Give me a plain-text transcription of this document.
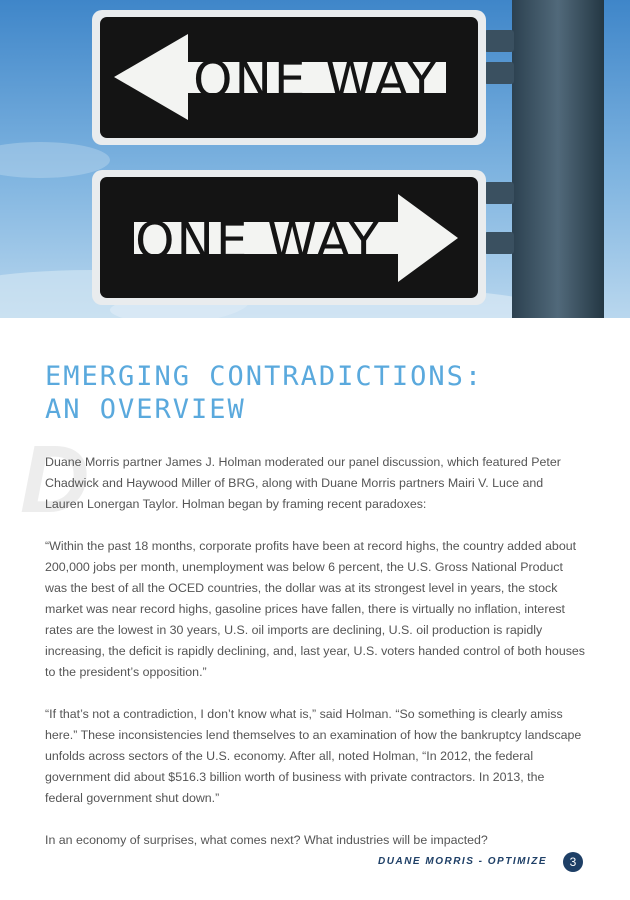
ONE WAY
ONE WAY
D
EMERGING CONTRADICTIONS:
AN OVERVIEW

Duane Morris partner James J. Holman moderated our panel discussion, which featured Peter Chadwick and Haywood Miller of BRG, along with Duane Morris partners Mairi V. Luce and Lauren Lonergan Taylor. Holman began by framing recent paradoxes:

“Within the past 18 months, corporate profits have been at record highs, the country added about 200,000 jobs per month, unemployment was below 6 percent, the U.S. Gross National Product was the best of all the OCED countries, the dollar was at its strongest level in years, the stock market was near record highs, gasoline prices have fallen, there is virtually no inflation, interest rates are the lowest in 30 years, U.S. oil imports are declining, U.S. oil production is rapidly increasing, the deficit is rapidly declining, and, last year, U.S. voters handed control of both houses to the president’s opposition.”

“If that’s not a contradiction, I don’t know what is,” said Holman. “So something is clearly amiss here.” These inconsistencies lend themselves to an examination of how the bankruptcy landscape unfolds across sectors of the U.S. economy. After all, noted Holman, “In 2012, the federal government did about $516.3 billion worth of business with private contractors. In 2013, the federal government shut down.”

In an economy of surprises, what comes next? What industries will be impacted?

DUANE MORRIS - OPTIMIZE	3
